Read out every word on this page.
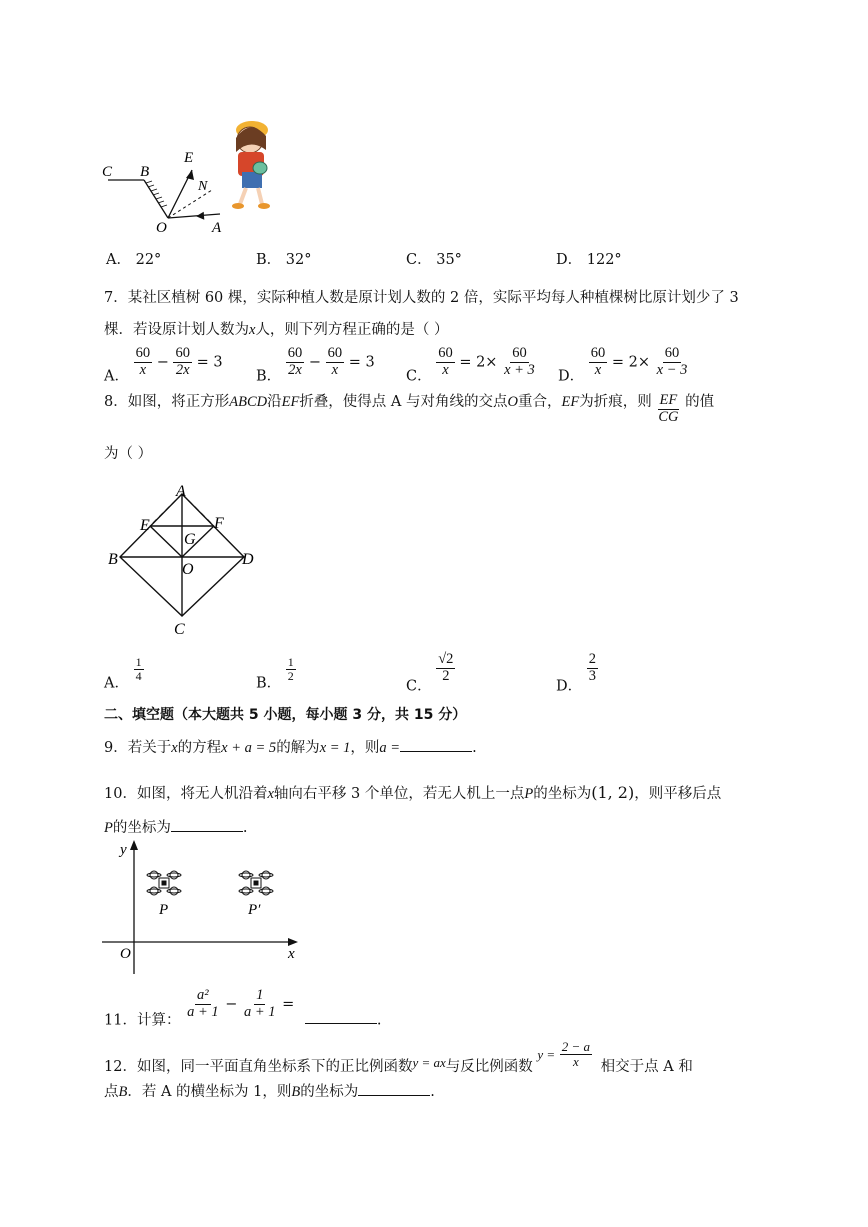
C B
E
N
O	A
A． 22°	B． 32°	C． 35°	D． 122°
7．某社区植树 60 棵，实际种植人数是原计划人数的 2 倍，实际平均每人种植棵树比原计划少了 3
棵．若设原计划人数为x人，则下列方程正确的是（ ）
A． $\frac{60}{x} - \frac{60}{2x} = 3$
B． $\frac{60}{2x} - \frac{60}{x} = 3$
C． $\frac{60}{x} = 2\times \frac{60}{x + 3}$ D． $\frac{60}{x} = 2\times \frac{60}{x - 3}$
8．如图，将正方形ABCD沿EF折叠，使得点 A 与对角线的交点O重合，EF为折痕，则 $\frac{EF}{CG}$ 的值
为（ ）
A
E	F
G
B
O
D
C
A．
$\frac{1}{4}$
B．
$\frac{1}{2}$
C．
$\frac{√2}{2}$
D．
$\frac{2}{3}$
二、填空题（本大题共 5 小题，每小题 3 分，共 15 分）
9．若关于x的方程x + a = 5的解为x = 1，则a =	.
10．如图，将无人机沿着x轴向右平移 3 个单位，若无人机上一点P的坐标为(1, 2)，则平移后点
P的坐标为	.
y
x
O
P	P′
11．计算： $\frac{\text{a²}}{a + 1} - \frac{1}{a + 1}$ = .
12．如图，同一平面直角坐标系下的正比例函数y = ax与反比例函数 $y = \frac{2 - a}{x}$ 相交于点 A 和
点B．若 A 的横坐标为 1，则B的坐标为	.
